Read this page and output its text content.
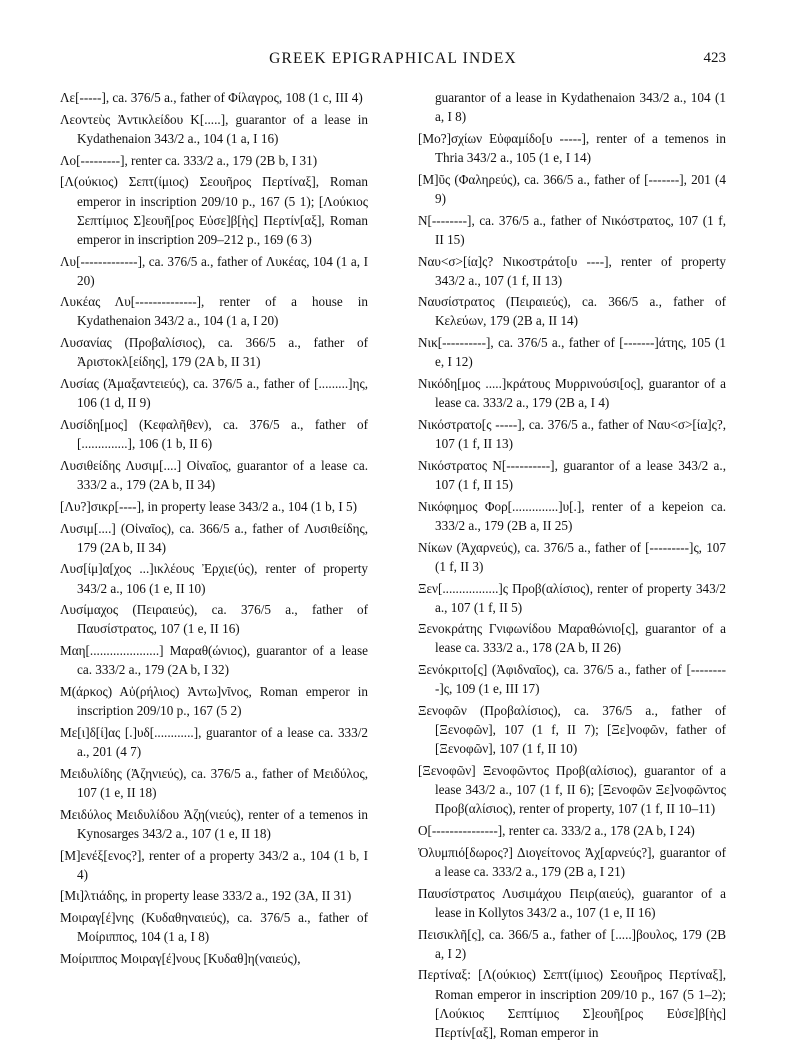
GREEK EPIGRAPHICAL INDEX	423

Λε[-----], ca. 376/5 a., father of Φίλαγρος, 108 (1 c, III 4)

Λεοντεὺς Ἀντικλείδου Κ[.....], guarantor of a lease in Kydathenaion 343/2 a., 104 (1 a, I 16)

Λο[---------], renter ca. 333/2 a., 179 (2B b, I 31)

[Λ(ούκιος) Σεπτ(ίμιος) Σεουῆρος Περτίναξ], Roman emperor in inscription 209/10 p., 167 (5 1); [Λούκιος Σεπτίμιος Σ]εουῆ[ρος Εὐσε]β[ὴς] Περτίν[αξ], Roman emperor in inscription 209–212 p., 169 (6 3)

Λυ[-------------], ca. 376/5 a., father of Λυκέας, 104 (1 a, I 20)

Λυκέας Λυ[--------------], renter of a house in Kydathenaion 343/2 a., 104 (1 a, I 20)

Λυσανίας (Προβαλίσιος), ca. 366/5 a., father of Ἀριστοκλ[είδης], 179 (2A b, II 31)

Λυσίας (Ἀμαξαντειεύς), ca. 376/5 a., father of [.........]ης, 106 (1 d, II 9)

Λυσίδη[μος] (Κεφαλῆθεν), ca. 376/5 a., father of [..............], 106 (1 b, II 6)

Λυσιθείδης Λυσιμ[....] Οἰναῖος, guarantor of a lease ca. 333/2 a., 179 (2A b, II 34)

[Λυ?]σικρ[----], in property lease 343/2 a., 104 (1 b, I 5)

Λυσιμ[....] (Οἰναῖος), ca. 366/5 a., father of Λυσιθείδης, 179 (2A b, II 34)

Λυσ[ίμ]α[χος ...]ικλέους Ἐρχιε(ύς), renter of property 343/2 a., 106 (1 e, II 10)

Λυσίμαχος (Πειραιεύς), ca. 376/5 a., father of Παυσίστρατος, 107 (1 e, II 16)

Μαη[.....................] Μαραθ(ώνιος), guarantor of a lease ca. 333/2 a., 179 (2A b, I 32)

Μ(άρκος) Αὐ(ρήλιος) Ἀντω]νῖνος, Roman emperor in inscription 209/10 p., 167 (5 2)

Με[ι]δ[ί]ας [.]υδ[............], guarantor of a lease ca. 333/2 a., 201 (4 7)

Μειδυλίδης (Ἀζηνιεύς), ca. 376/5 a., father of Μειδύλος, 107 (1 e, II 18)

Μειδύλος Μειδυλίδου Ἀζη(νιεύς), renter of a temenos in Kynosarges 343/2 a., 107 (1 e, II 18)

[Μ]ενέξ[ενος?], renter of a property 343/2 a., 104 (1 b, I 4)

[Μι]λτιάδης, in property lease 333/2 a., 192 (3A, II 31)

Μοιραγ[έ]νης (Κυδαθηναιεύς), ca. 376/5 a., father of Μοίριππος, 104 (1 a, I 8)

Μοίριππος Μοιραγ[έ]νους [Κυδαθ]η(ναιεύς),

guarantor of a lease in Kydathenaion 343/2 a., 104 (1 a, I 8)

[Μο?]σχίων Εὐφαμίδο[υ -----], renter of a temenos in Thria 343/2 a., 105 (1 e, I 14)

[Μ]ῦς (Φαληρεύς), ca. 366/5 a., father of [-------], 201 (4 9)

Ν[--------], ca. 376/5 a., father of Νικόστρατος, 107 (1 f, II 15)

Ναυ<σ>[ία]ς? Νικοστράτο[υ ----], renter of property 343/2 a., 107 (1 f, II 13)

Ναυσίστρατος (Πειραιεύς), ca. 366/5 a., father of Κελεύων, 179 (2B a, II 14)

Νικ[----------], ca. 376/5 a., father of [-------]άτης, 105 (1 e, I 12)

Νικόδη[μος .....]κράτους Μυρρινούσι[ος], guarantor of a lease ca. 333/2 a., 179 (2B a, I 4)

Νικόστρατο[ς -----], ca. 376/5 a., father of Ναυ<σ>[ία]ς?, 107 (1 f, II 13)

Νικόστρατος Ν[----------], guarantor of a lease 343/2 a., 107 (1 f, II 15)

Νικόφημος Φορ[..............]υ[.], renter of a kepeion ca. 333/2 a., 179 (2B a, II 25)

Νίκων (Ἀχαρνεύς), ca. 376/5 a., father of [---------]ς, 107 (1 f, II 3)

Ξεν[.................]ς Προβ(αλίσιος), renter of property 343/2 a., 107 (1 f, II 5)

Ξενοκράτης Γνιφωνίδου Μαραθώνιο[ς], guarantor of a lease ca. 333/2 a., 178 (2A b, II 26)

Ξενόκριτο[ς] (Ἀφιδναῖος), ca. 376/5 a., father of [---------]ς, 109 (1 e, III 17)

Ξενοφῶν (Προβαλίσιος), ca. 376/5 a., father of [Ξενοφῶν], 107 (1 f, II 7); [Ξε]νοφῶν, father of [Ξενοφῶν], 107 (1 f, II 10)

[Ξενοφῶν] Ξενοφῶντος Προβ(αλίσιος), guarantor of a lease 343/2 a., 107 (1 f, II 6); [Ξενοφῶν Ξε]νοφῶντος Προβ(αλίσιος), renter of property, 107 (1 f, II 10–11)

Ο[---------------], renter ca. 333/2 a., 178 (2A b, I 24)

Ὀλυμπιό[δωρος?] Διογείτονος Ἀχ[αρνεύς?], guarantor of a lease ca. 333/2 a., 179 (2B a, I 21)

Παυσίστρατος Λυσιμάχου Πειρ(αιεύς), guarantor of a lease in Kollytos 343/2 a., 107 (1 e, II 16)

Πεισικλῆ[ς], ca. 366/5 a., father of [.....]βουλος, 179 (2B a, I 2)

Περτίναξ: [Λ(ούκιος) Σεπτ(ίμιος) Σεουῆρος Περτίναξ], Roman emperor in inscription 209/10 p., 167 (5 1–2); [Λούκιος Σεπτίμιος Σ]εουῆ[ρος Εὐσε]β[ὴς] Περτίν[αξ], Roman emperor in
